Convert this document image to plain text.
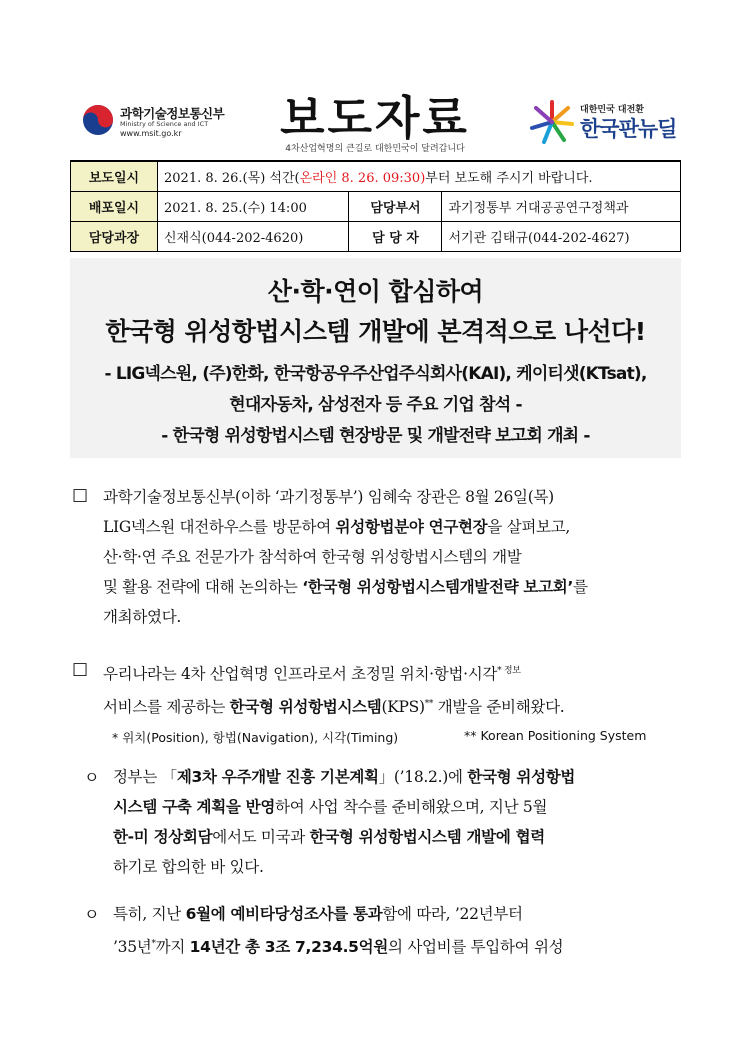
과학기술정보통신부
Ministry of Science and ICT
www.msit.go.kr	보도자료
4차산업혁명의 큰길로 대한민국이 달려갑니다
대한민국 대전환
한국판뉴딜
보도일시	2021. 8. 26.(목) 석간(온라인 8. 26. 09:30)부터 보도해 주시기 바랍니다.		
배포일시	2021. 8. 25.(수) 14:00	담당부서	과기정통부 거대공공연구정책과
담당과장	신재식(044-202-4620)	담 당 자	서기관 김태규(044-202-4627)
산·학·연이 합심하여
한국형 위성항법시스템 개발에 본격적으로 나선다!
- LIG넥스원, (주)한화, 한국항공우주산업주식회사(KAI), 케이티샛(KTsat),
현대자동차, 삼성전자 등 주요 기업 참석 -
- 한국형 위성항법시스템 현장방문 및 개발전략 보고회 개최 -
□ 과학기술정보통신부(이하 ‘과기정통부’) 임혜숙 장관은 8월 26일(목)
LIG넥스원 대전하우스를 방문하여 위성항법분야 연구현장을 살펴보고,
산·학·연 주요 전문가가 참석하여 한국형 위성항법시스템의 개발
및 활용 전략에 대해 논의하는 ‘한국형 위성항법시스템개발전략 보고회’를
개최하였다.
□ 우리나라는 4차 산업혁명 인프라로서 초정밀 위치·항법·시각$^{* 정보}$
서비스를 제공하는 한국형 위성항법시스템(KPS)** 개발을 준비해왔다.
* 위치(Position), 항법(Navigation), 시각(Timing)	** Korean Positioning System
ㅇ 정부는 「제3차 우주개발 진흥 기본계획」(’18.2.)에 한국형 위성항법
시스템 구축 계획을 반영하여 사업 착수를 준비해왔으며, 지난 5월
한-미 정상회담에서도 미국과 한국형 위성항법시스템 개발에 협력
하기로 합의한 바 있다.
ㅇ 특히, 지난 6월에 예비타당성조사를 통과함에 따라, ’22년부터
’35년*까지 14년간 총 3조 7,234.5억원의 사업비를 투입하여 위성
